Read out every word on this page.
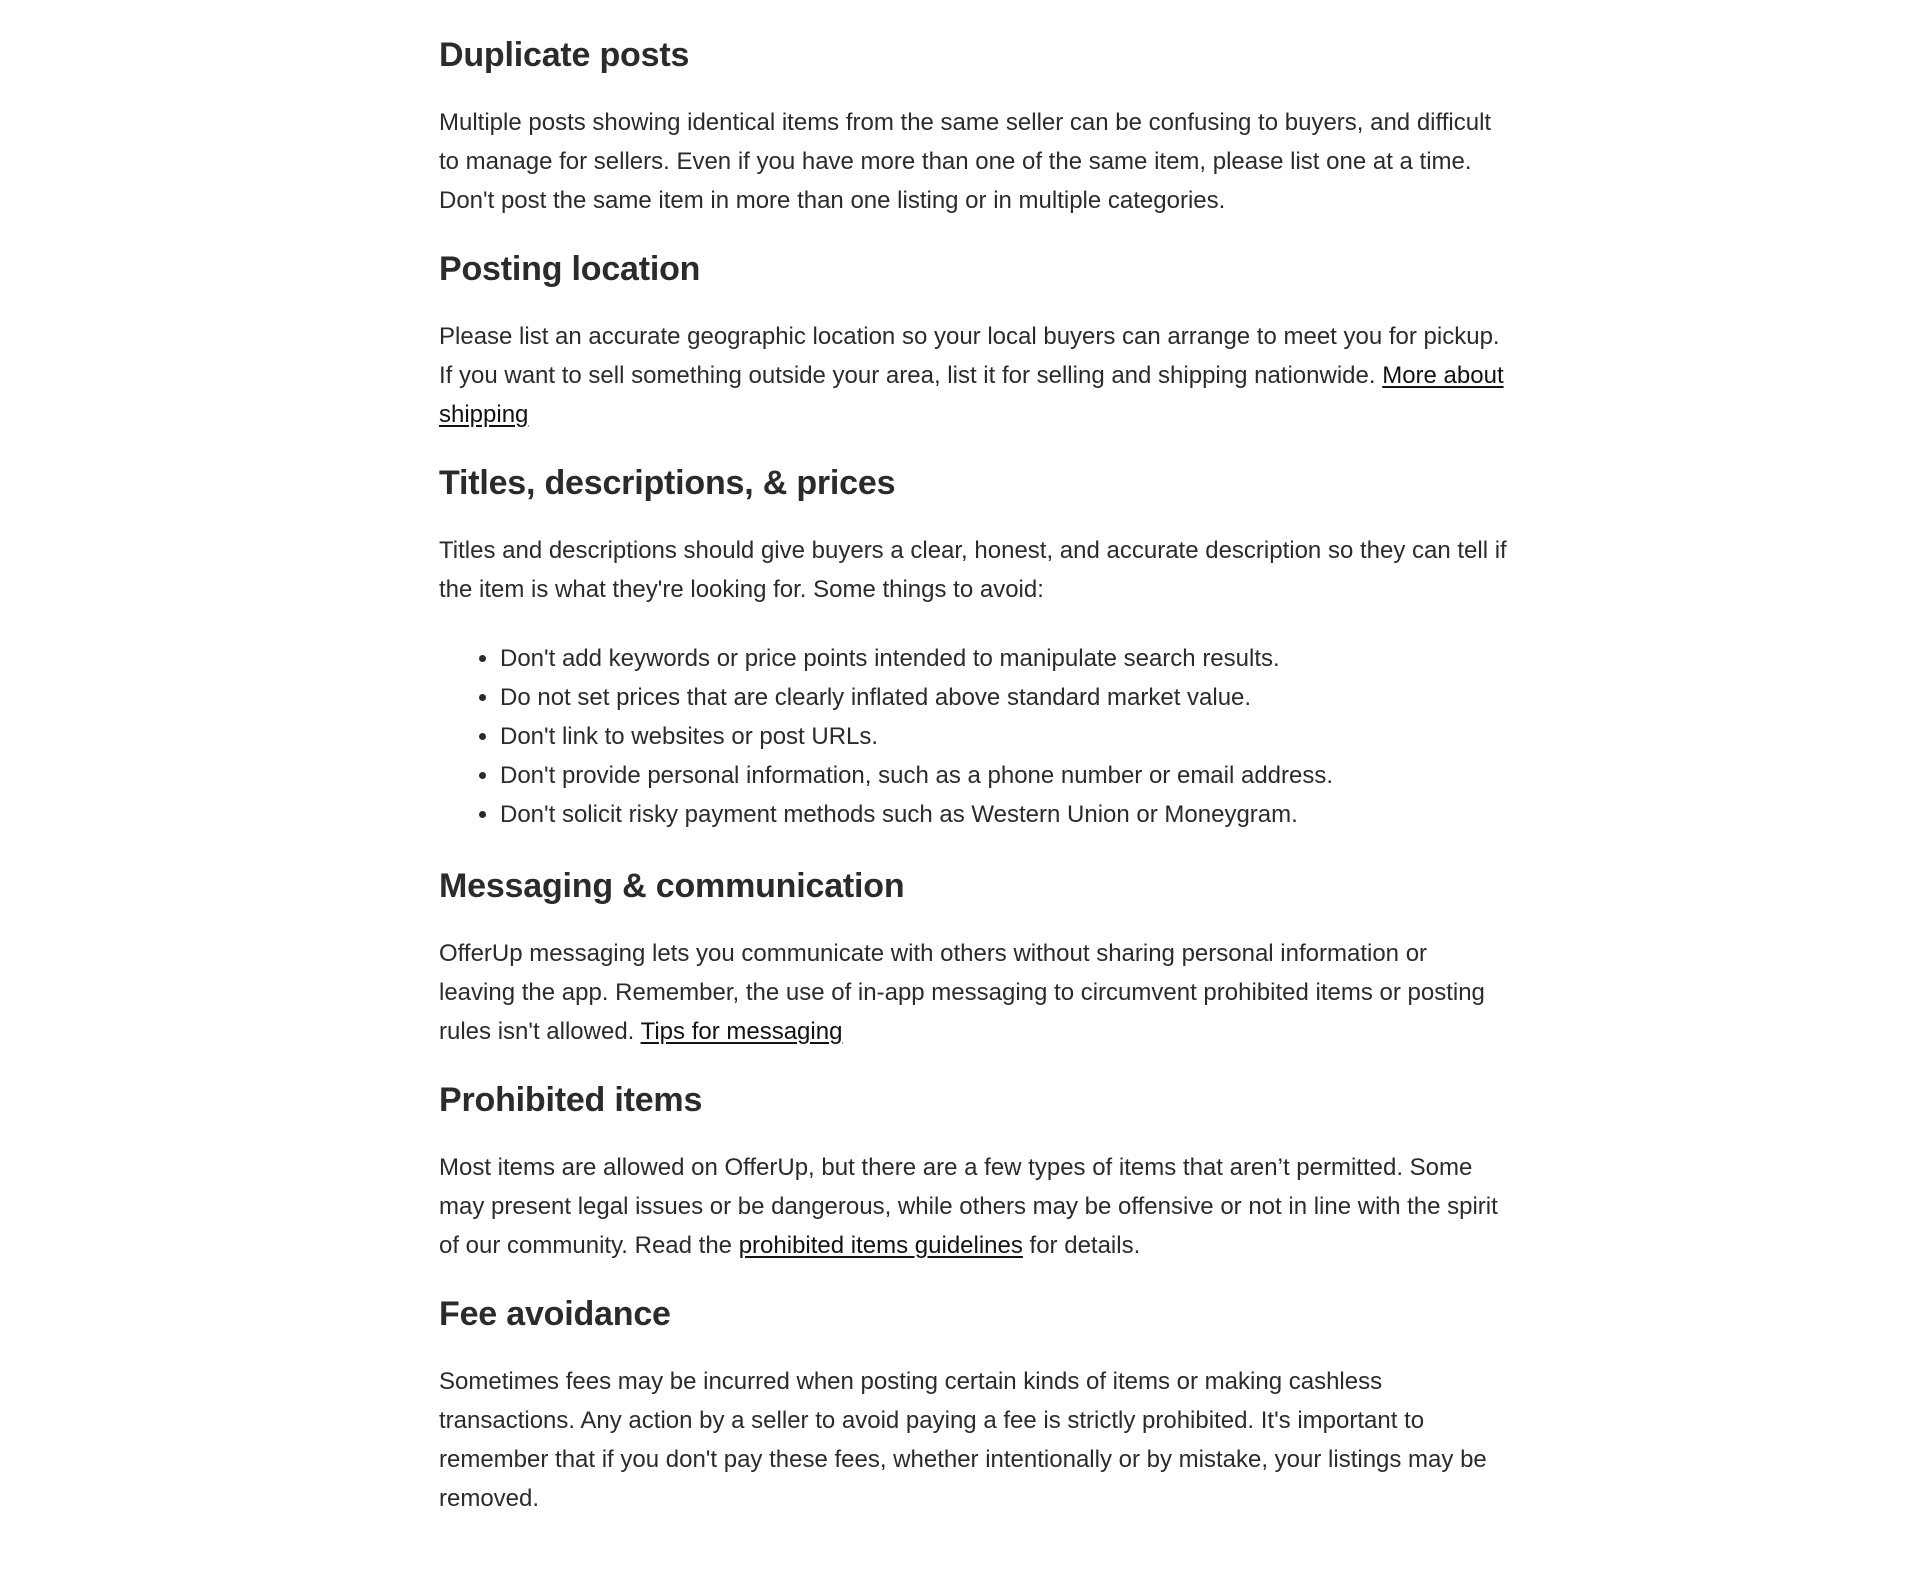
Duplicate posts

Multiple posts showing identical items from the same seller can be confusing to buyers, and difficult to manage for sellers. Even if you have more than one of the same item, please list one at a time. Don't post the same item in more than one listing or in multiple categories.

Posting location

Please list an accurate geographic location so your local buyers can arrange to meet you for pickup. If you want to sell something outside your area, list it for selling and shipping nationwide. More about shipping

Titles, descriptions, & prices

Titles and descriptions should give buyers a clear, honest, and accurate description so they can tell if the item is what they're looking for. Some things to avoid:

• Don't add keywords or price points intended to manipulate search results.
• Do not set prices that are clearly inflated above standard market value.
• Don't link to websites or post URLs.
• Don't provide personal information, such as a phone number or email address.
• Don't solicit risky payment methods such as Western Union or Moneygram.
Messaging & communication

OfferUp messaging lets you communicate with others without sharing personal information or leaving the app. Remember, the use of in-app messaging to circumvent prohibited items or posting rules isn't allowed. Tips for messaging

Prohibited items

Most items are allowed on OfferUp, but there are a few types of items that aren’t permitted. Some may present legal issues or be dangerous, while others may be offensive or not in line with the spirit of our community. Read the prohibited items guidelines for details.

Fee avoidance

Sometimes fees may be incurred when posting certain kinds of items or making cashless transactions. Any action by a seller to avoid paying a fee is strictly prohibited. It's important to remember that if you don't pay these fees, whether intentionally or by mistake, your listings may be removed.
